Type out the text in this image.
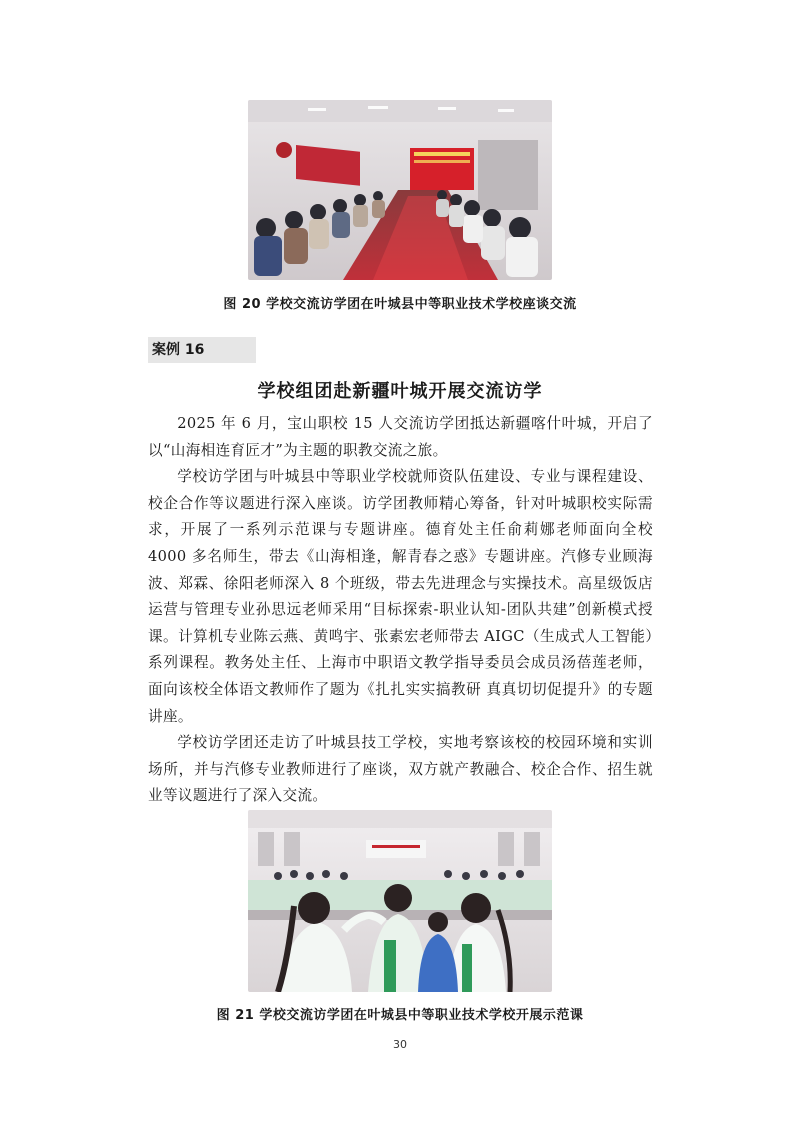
图 20 学校交流访学团在叶城县中等职业技术学校座谈交流
案例 16
学校组团赴新疆叶城开展交流访学

2025 年 6 月，宝山职校 15 人交流访学团抵达新疆喀什叶城，开启了以“山海相连育匠才”为主题的职教交流之旅。

学校访学团与叶城县中等职业学校就师资队伍建设、专业与课程建设、校企合作等议题进行深入座谈。访学团教师精心筹备，针对叶城职校实际需求，开展了一系列示范课与专题讲座。德育处主任俞莉娜老师面向全校 4000 多名师生，带去《山海相逢，解青春之惑》专题讲座。汽修专业顾海波、郑霖、徐阳老师深入 8 个班级，带去先进理念与实操技术。高星级饭店运营与管理专业孙思远老师采用“目标探索-职业认知-团队共建”创新模式授课。计算机专业陈云燕、黄鸣宇、张素宏老师带去 AIGC（生成式人工智能）系列课程。教务处主任、上海市中职语文教学指导委员会成员汤蓓莲老师，面向该校全体语文教师作了题为《扎扎实实搞教研 真真切切促提升》的专题讲座。

学校访学团还走访了叶城县技工学校，实地考察该校的校园环境和实训场所，并与汽修专业教师进行了座谈，双方就产教融合、校企合作、招生就业等议题进行了深入交流。

图 21 学校交流访学团在叶城县中等职业技术学校开展示范课
30
